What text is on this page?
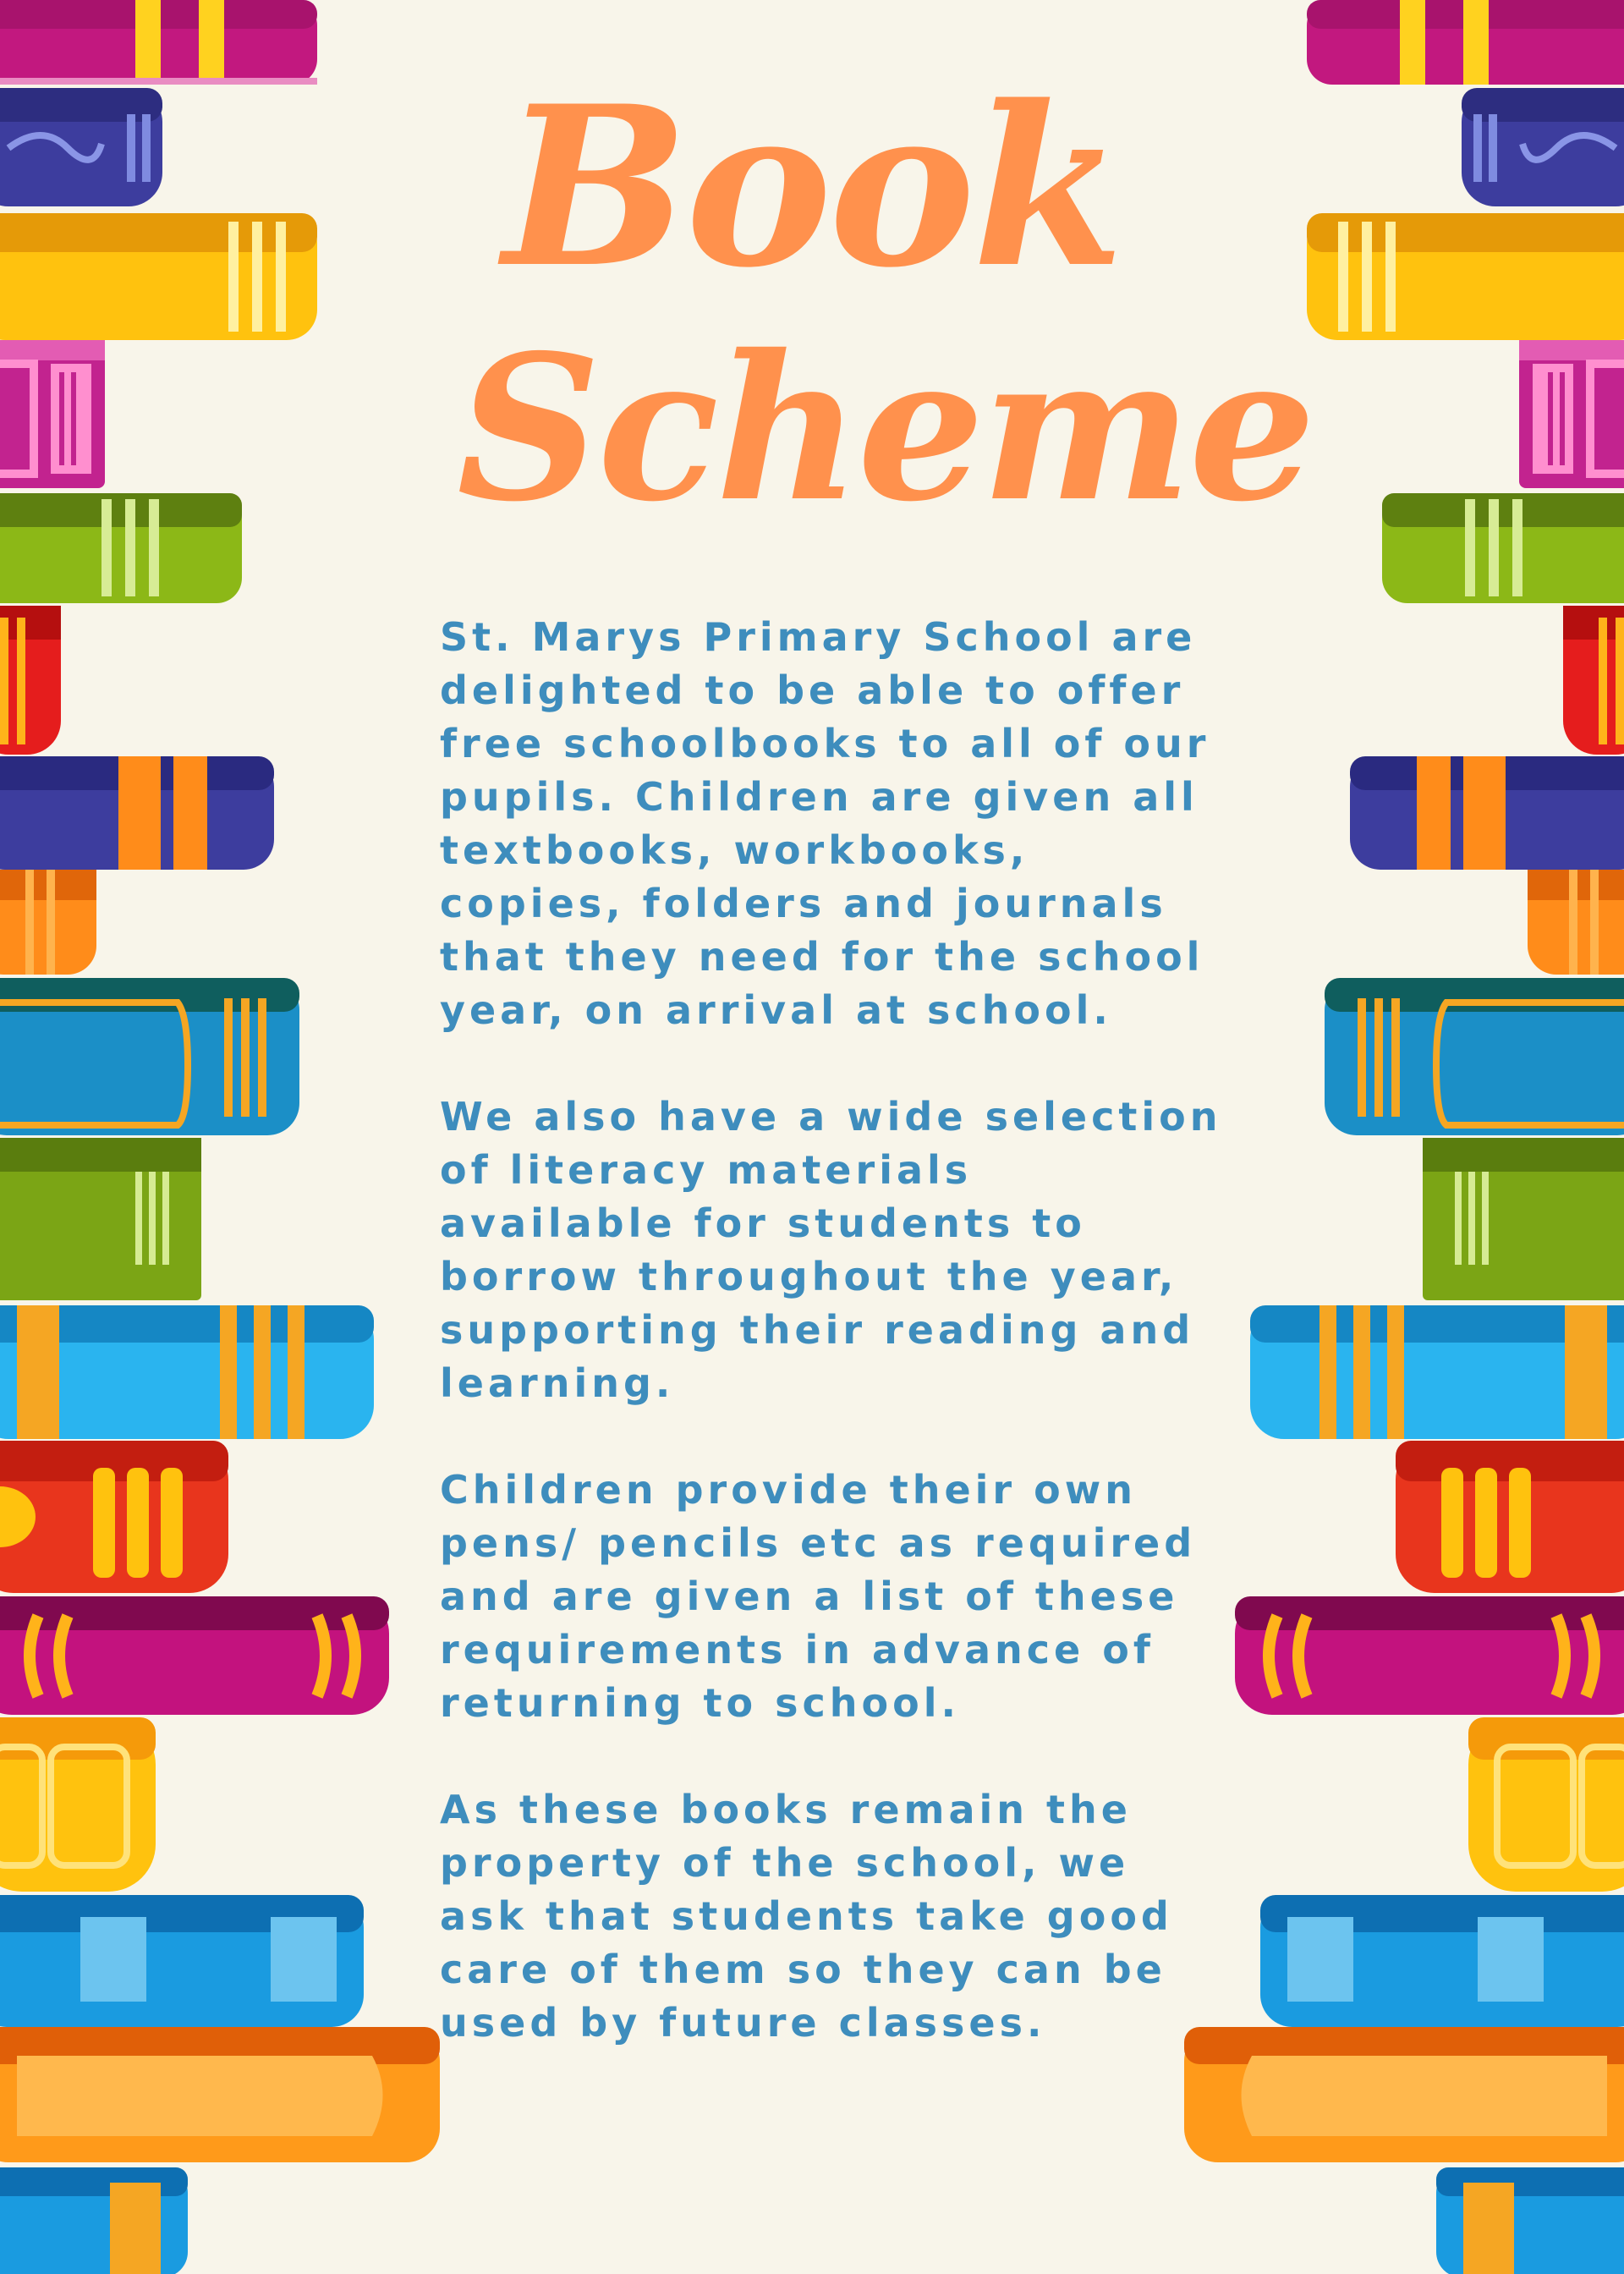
Book
Scheme

St. Marys Primary School are
delighted to be able to offer
free schoolbooks to all of our
pupils. Children are given all
textbooks, workbooks,
copies, folders and journals
that they need for the school
year, on arrival at school.

We also have a wide selection
of literacy materials
available for students to
borrow throughout the year,
supporting their reading and
learning.

Children provide their own
pens/ pencils etc as required
and are given a list of these
requirements in advance of
returning to school.

As these books remain the
property of the school, we
ask that students take good
care of them so they can be
used by future classes.
